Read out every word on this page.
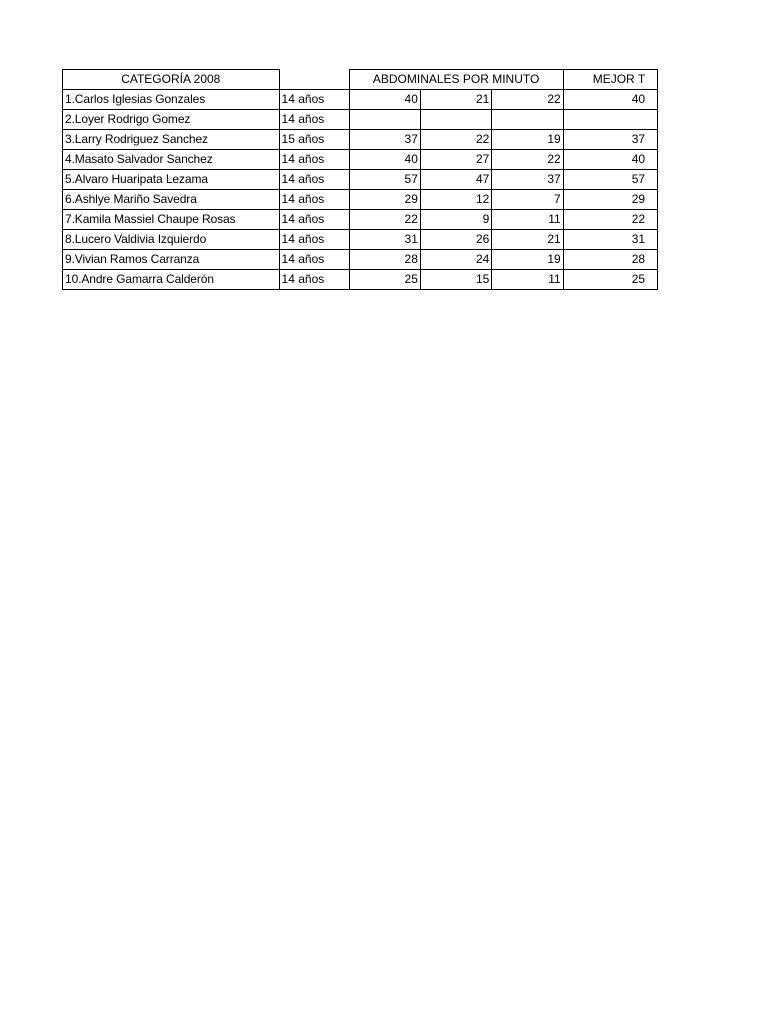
CATEGORÍA 2008		ABDOMINALES POR MINUTO			MEJOR T
1.Carlos Iglesias Gonzales	14 años	40	21	22	40
2.Loyer Rodrigo Gomez	14 años				
3.Larry Rodriguez Sanchez	15 años	37	22	19	37
4.Masato Salvador Sanchez	14 años	40	27	22	40
5.Alvaro Huaripata Lezama	14 años	57	47	37	57
6.Ashlye Mariño Savedra	14 años	29	12	7	29
7.Kamila Massiel Chaupe Rosas	14 años	22	9	11	22
8.Lucero Valdivia Izquierdo	14 años	31	26	21	31
9.Vivian Ramos Carranza	14 años	28	24	19	28
10.Andre Gamarra Calderón	14 años	25	15	11	25
